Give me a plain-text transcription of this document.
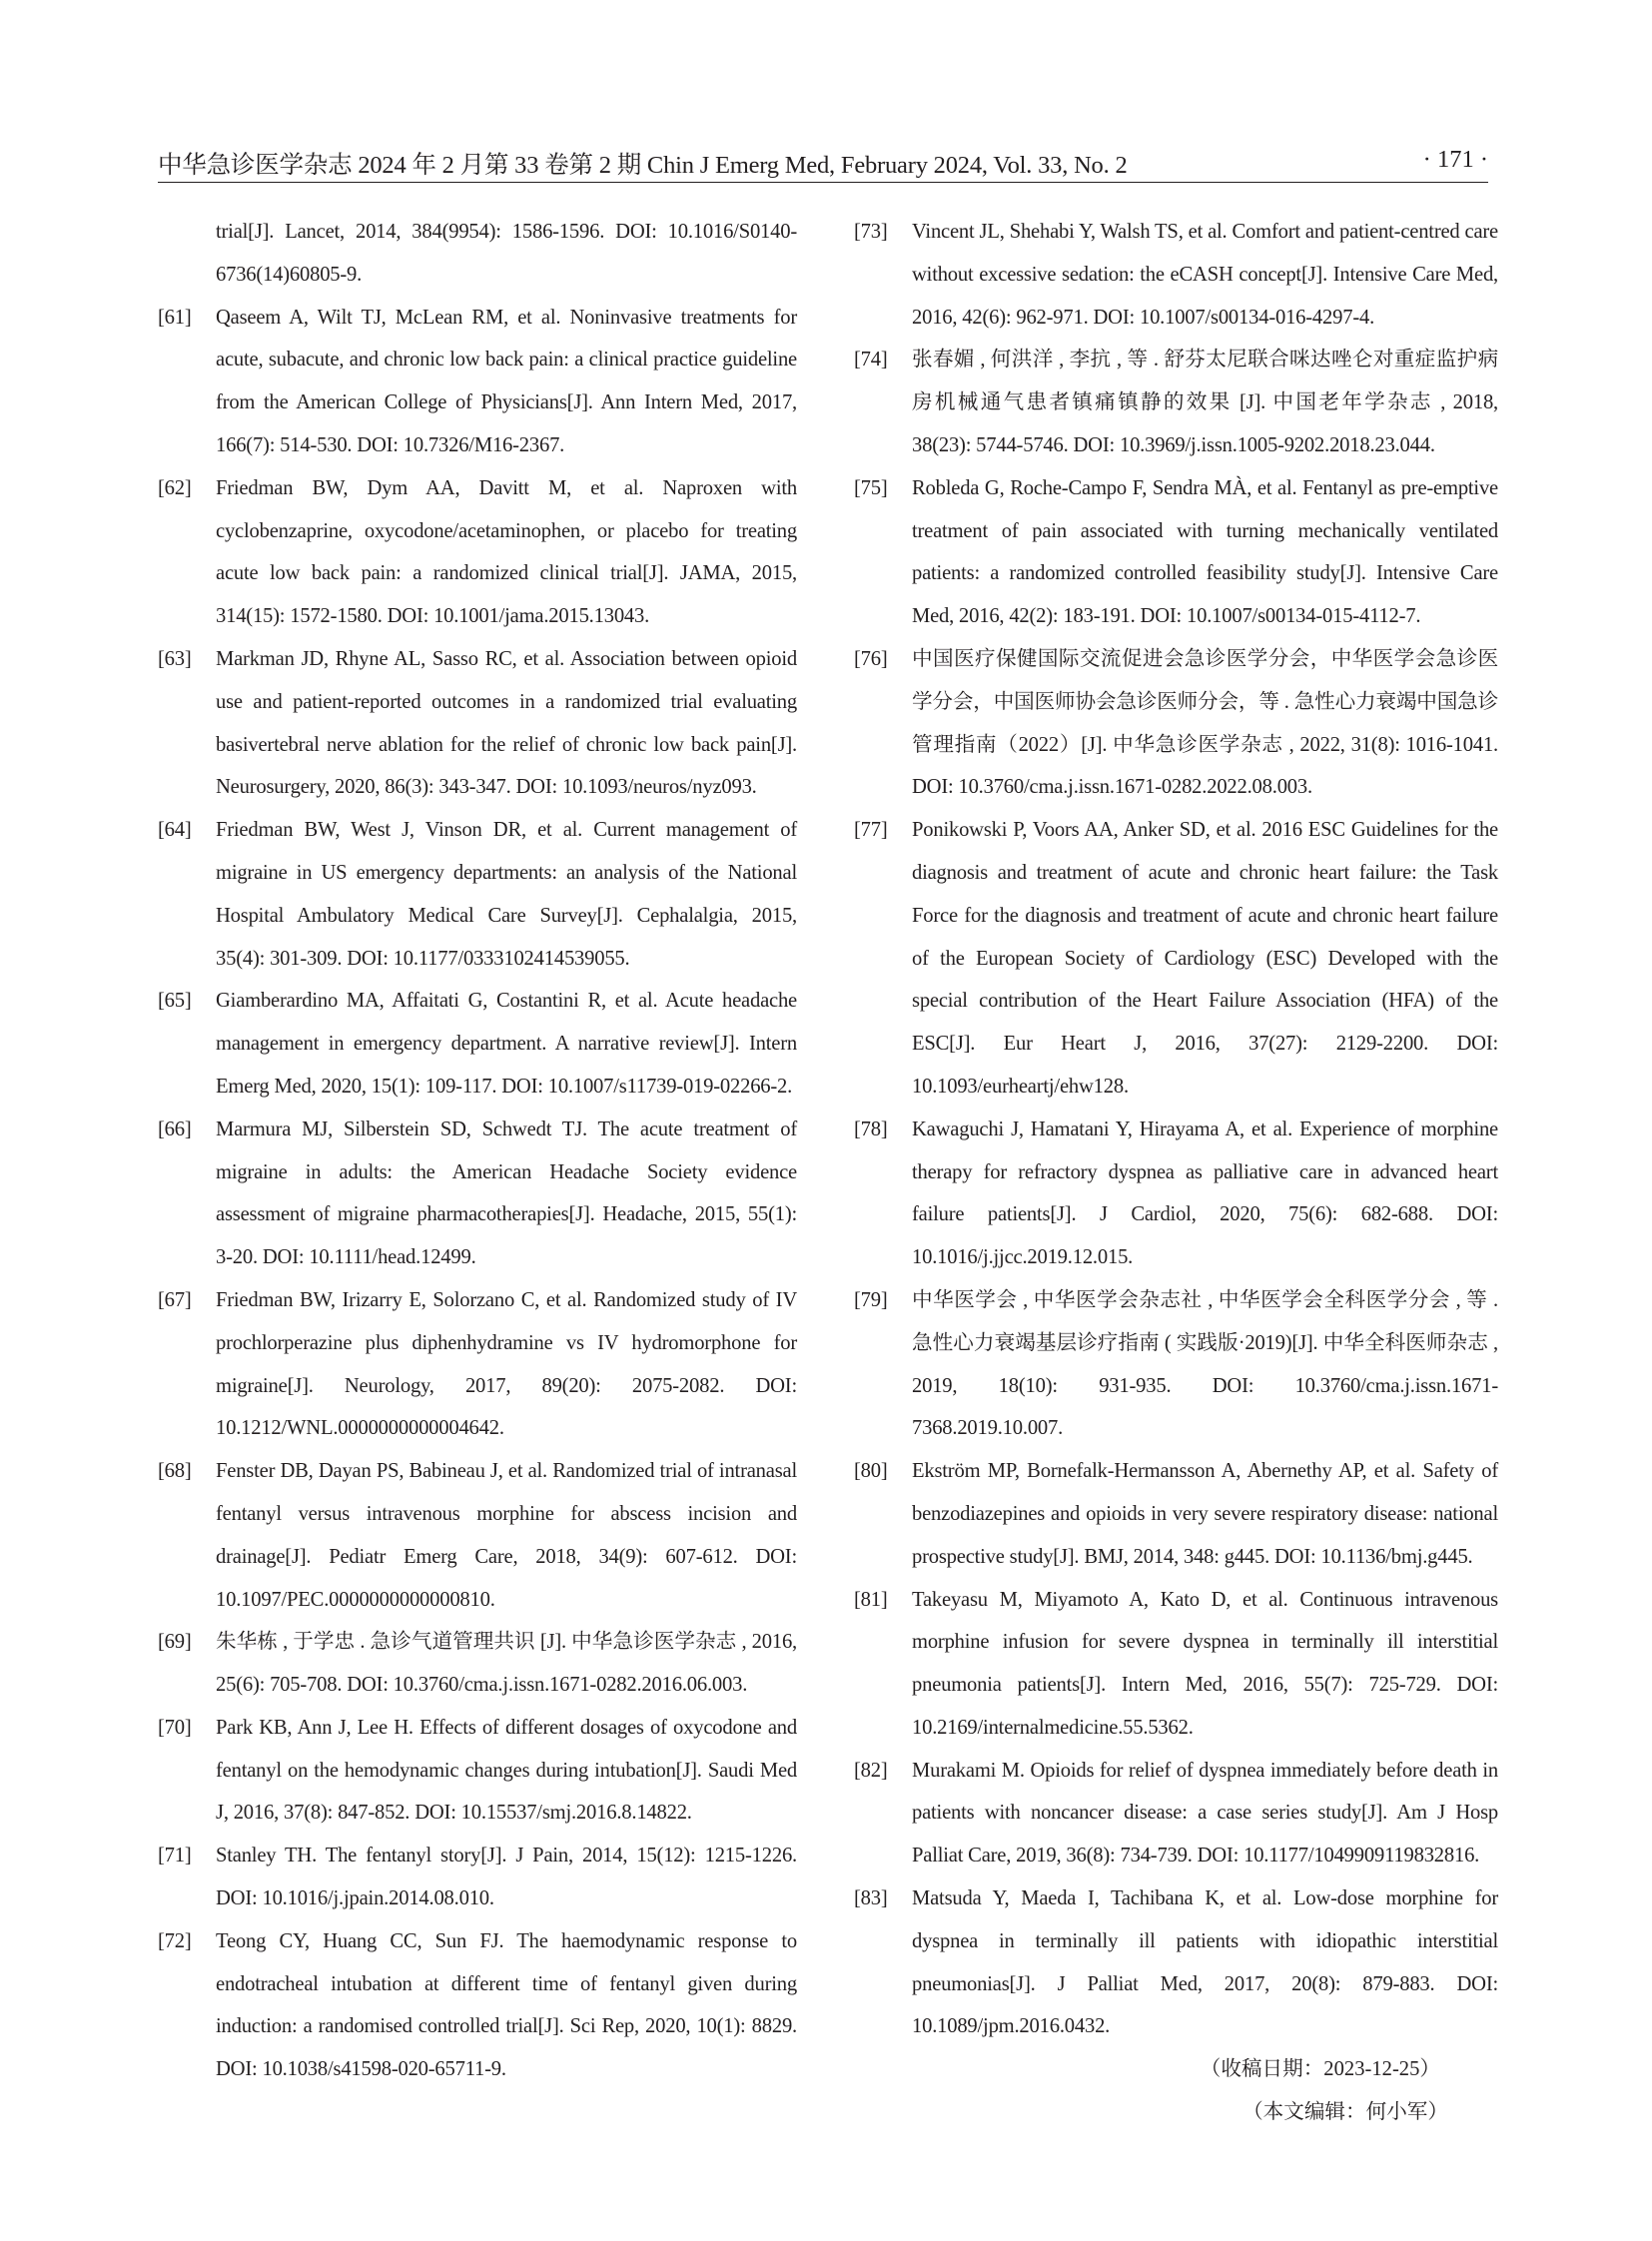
中华急诊医学杂志 2024 年 2 月第 33 卷第 2 期 Chin J Emerg Med, February 2024, Vol. 33, No. 2	· 171 ·
trial[J]. Lancet, 2014, 384(9954): 1586-1596. DOI: 10.1016/S0140-6736(14)60805-9.
[61] Qaseem A, Wilt TJ, McLean RM, et al. Noninvasive treatments for acute, subacute, and chronic low back pain: a clinical practice guideline from the American College of Physicians[J]. Ann Intern Med, 2017, 166(7): 514-530. DOI: 10.7326/M16-2367.
[62] Friedman BW, Dym AA, Davitt M, et al. Naproxen with cyclobenzaprine, oxycodone/acetaminophen, or placebo for treating acute low back pain: a randomized clinical trial[J]. JAMA, 2015, 314(15): 1572-1580. DOI: 10.1001/jama.2015.13043.
[63] Markman JD, Rhyne AL, Sasso RC, et al. Association between opioid use and patient-reported outcomes in a randomized trial evaluating basivertebral nerve ablation for the relief of chronic low back pain[J]. Neurosurgery, 2020, 86(3): 343-347. DOI: 10.1093/neuros/nyz093.
[64] Friedman BW, West J, Vinson DR, et al. Current management of migraine in US emergency departments: an analysis of the National Hospital Ambulatory Medical Care Survey[J]. Cephalalgia, 2015, 35(4): 301-309. DOI: 10.1177/0333102414539055.
[65] Giamberardino MA, Affaitati G, Costantini R, et al. Acute headache management in emergency department. A narrative review[J]. Intern Emerg Med, 2020, 15(1): 109-117. DOI: 10.1007/s11739-019-02266-2.
[66] Marmura MJ, Silberstein SD, Schwedt TJ. The acute treatment of migraine in adults: the American Headache Society evidence assessment of migraine pharmacotherapies[J]. Headache, 2015, 55(1): 3-20. DOI: 10.1111/head.12499.
[67] Friedman BW, Irizarry E, Solorzano C, et al. Randomized study of IV prochlorperazine plus diphenhydramine vs IV hydromorphone for migraine[J]. Neurology, 2017, 89(20): 2075-2082. DOI: 10.1212/WNL.0000000000004642.
[68] Fenster DB, Dayan PS, Babineau J, et al. Randomized trial of intranasal fentanyl versus intravenous morphine for abscess incision and drainage[J]. Pediatr Emerg Care, 2018, 34(9): 607-612. DOI: 10.1097/PEC.0000000000000810.
[69] 朱华栋 , 于学忠 . 急诊气道管理共识 [J]. 中华急诊医学杂志 , 2016, 25(6): 705-708. DOI: 10.3760/cma.j.issn.1671-0282.2016.06.003.
[70] Park KB, Ann J, Lee H. Effects of different dosages of oxycodone and fentanyl on the hemodynamic changes during intubation[J]. Saudi Med J, 2016, 37(8): 847-852. DOI: 10.15537/smj.2016.8.14822.
[71] Stanley TH. The fentanyl story[J]. J Pain, 2014, 15(12): 1215-1226. DOI: 10.1016/j.jpain.2014.08.010.
[72] Teong CY, Huang CC, Sun FJ. The haemodynamic response to endotracheal intubation at different time of fentanyl given during induction: a randomised controlled trial[J]. Sci Rep, 2020, 10(1): 8829. DOI: 10.1038/s41598-020-65711-9.
[73] Vincent JL, Shehabi Y, Walsh TS, et al. Comfort and patient-centred care without excessive sedation: the eCASH concept[J]. Intensive Care Med, 2016, 42(6): 962-971. DOI: 10.1007/s00134-016-4297-4.
[74] 张春媚 , 何洪洋 , 李抗 , 等 . 舒芬太尼联合咪达唑仑对重症监护病房机械通气患者镇痛镇静的效果 [J]. 中国老年学杂志 , 2018, 38(23): 5744-5746. DOI: 10.3969/j.issn.1005-9202.2018.23.044.
[75] Robleda G, Roche-Campo F, Sendra MÀ, et al. Fentanyl as pre-emptive treatment of pain associated with turning mechanically ventilated patients: a randomized controlled feasibility study[J]. Intensive Care Med, 2016, 42(2): 183-191. DOI: 10.1007/s00134-015-4112-7.
[76] 中国医疗保健国际交流促进会急诊医学分会，中华医学会急诊医学分会，中国医师协会急诊医师分会，等 . 急性心力衰竭中国急诊管理指南（2022）[J]. 中华急诊医学杂志 , 2022, 31(8): 1016-1041. DOI: 10.3760/cma.j.issn.1671-0282.2022.08.003.
[77] Ponikowski P, Voors AA, Anker SD, et al. 2016 ESC Guidelines for the diagnosis and treatment of acute and chronic heart failure: the Task Force for the diagnosis and treatment of acute and chronic heart failure of the European Society of Cardiology (ESC) Developed with the special contribution of the Heart Failure Association (HFA) of the ESC[J]. Eur Heart J, 2016, 37(27): 2129-2200. DOI: 10.1093/eurheartj/ehw128.
[78] Kawaguchi J, Hamatani Y, Hirayama A, et al. Experience of morphine therapy for refractory dyspnea as palliative care in advanced heart failure patients[J]. J Cardiol, 2020, 75(6): 682-688. DOI: 10.1016/j.jjcc.2019.12.015.
[79] 中华医学会 , 中华医学会杂志社 , 中华医学会全科医学分会 , 等 . 急性心力衰竭基层诊疗指南 ( 实践版·2019)[J]. 中华全科医师杂志 , 2019, 18(10): 931-935. DOI: 10.3760/cma.j.issn.1671-7368.2019.10.007.
[80] Ekström MP, Bornefalk-Hermansson A, Abernethy AP, et al. Safety of benzodiazepines and opioids in very severe respiratory disease: national prospective study[J]. BMJ, 2014, 348: g445. DOI: 10.1136/bmj.g445.
[81] Takeyasu M, Miyamoto A, Kato D, et al. Continuous intravenous morphine infusion for severe dyspnea in terminally ill interstitial pneumonia patients[J]. Intern Med, 2016, 55(7): 725-729. DOI: 10.2169/internalmedicine.55.5362.
[82] Murakami M. Opioids for relief of dyspnea immediately before death in patients with noncancer disease: a case series study[J]. Am J Hosp Palliat Care, 2019, 36(8): 734-739. DOI: 10.1177/1049909119832816.
[83] Matsuda Y, Maeda I, Tachibana K, et al. Low-dose morphine for dyspnea in terminally ill patients with idiopathic interstitial pneumonias[J]. J Palliat Med, 2017, 20(8): 879-883. DOI: 10.1089/jpm.2016.0432.
（收稿日期：2023-12-25）
（本文编辑：何小军）
